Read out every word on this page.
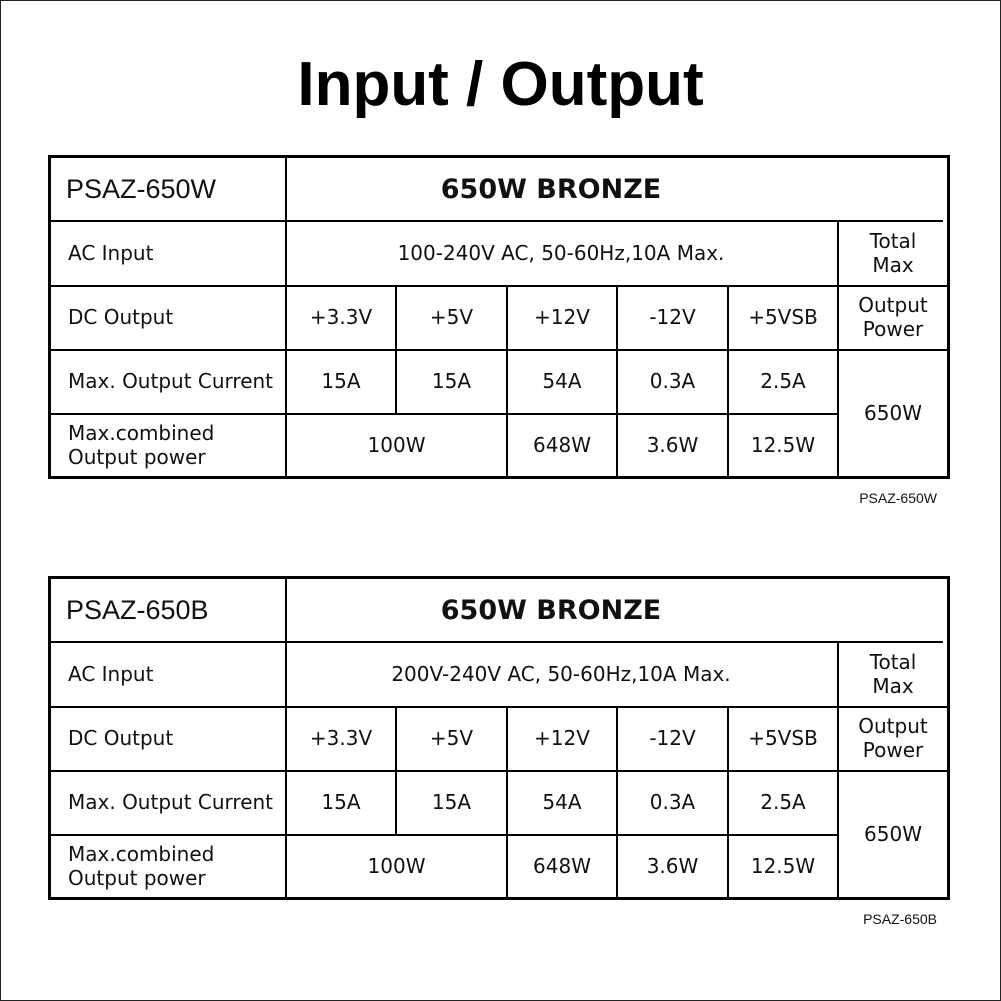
Input / Output
PSAZ-650W	650W BRONZE
AC Input	100-240V AC, 50-60Hz,10A Max.	Total Max
DC Output	+3.3V	+5V	+12V	-12V	+5VSB	Output Power
Max. Output Current	15A	15A	54A	0.3A	2.5A
Max.combined Output power	100W	648W	3.6W	12.5W
650W
PSAZ-650W
PSAZ-650B	650W BRONZE
AC Input	200V-240V AC, 50-60Hz,10A Max.	Total Max
DC Output	+3.3V	+5V	+12V	-12V	+5VSB	Output Power
Max. Output Current	15A	15A	54A	0.3A	2.5A
Max.combined Output power	100W	648W	3.6W	12.5W
650W
PSAZ-650B
